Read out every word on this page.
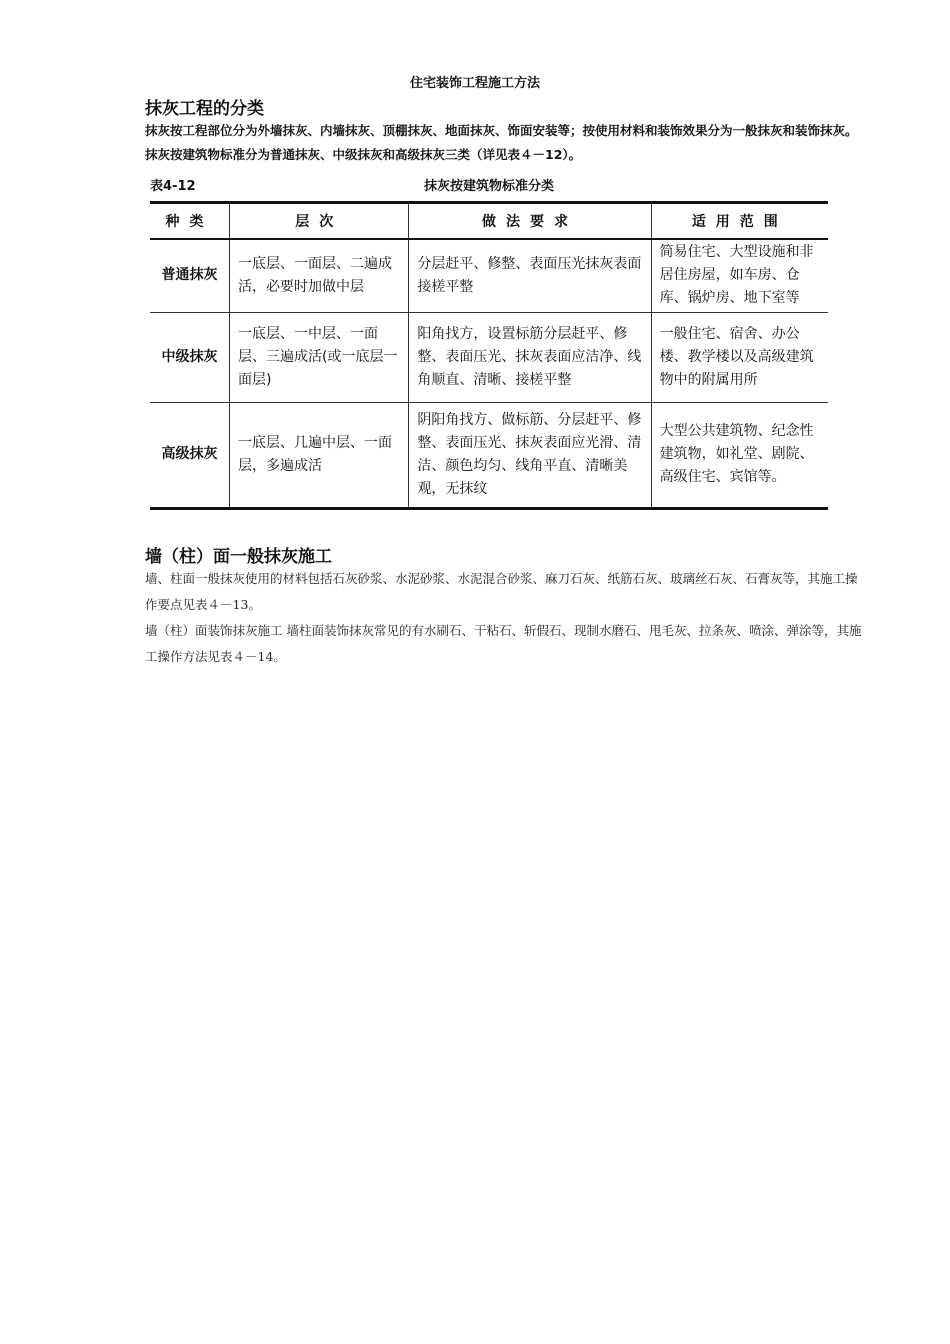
住宅装饰工程施工方法
抹灰工程的分类
抹灰按工程部位分为外墙抹灰、内墙抹灰、顶棚抹灰、地面抹灰、饰面安装等；按使用材料和装饰效果分为一般抹灰和装饰抹灰。抹灰按建筑物标准分为普通抹灰、中级抹灰和高级抹灰三类（详见表４－12）。
表4-12	抹灰按建筑物标准分类
种类	层次	做法要求	适用范围
普通抹灰	一底层、一面层、二遍成活，必要时加做中层	分层赶平、修整、表面压光抹灰表面接槎平整	简易住宅、大型设施和非居住房屋，如车房、仓库、锅炉房、地下室等
中级抹灰	一底层、一中层、一面层、三遍成活(或一底层一面层)	阳角找方，设置标筋分层赶平、修整、表面压光、抹灰表面应洁净、线角顺直、清晰、接槎平整	一般住宅、宿舍、办公楼、教学楼以及高级建筑物中的附属用所
高级抹灰	一底层、几遍中层、一面层，多遍成活	阴阳角找方、做标筋、分层赶平、修整、表面压光、抹灰表面应光滑、清洁、颜色均匀、线角平直、清晰美观，无抹纹	大型公共建筑物、纪念性建筑物，如礼堂、剧院、高级住宅、宾馆等。
墙（柱）面一般抹灰施工
墙、柱面一般抹灰使用的材料包括石灰砂浆、水泥砂浆、水泥混合砂浆、麻刀石灰、纸筋石灰、玻璃丝石灰、石膏灰等，其施工操作要点见表４－13。
墙（柱）面装饰抹灰施工 墙柱面装饰抹灰常见的有水刷石、干粘石、斩假石、现制水磨石、甩毛灰、拉条灰、喷涂、弹涂等，其施工操作方法见表４－14。
